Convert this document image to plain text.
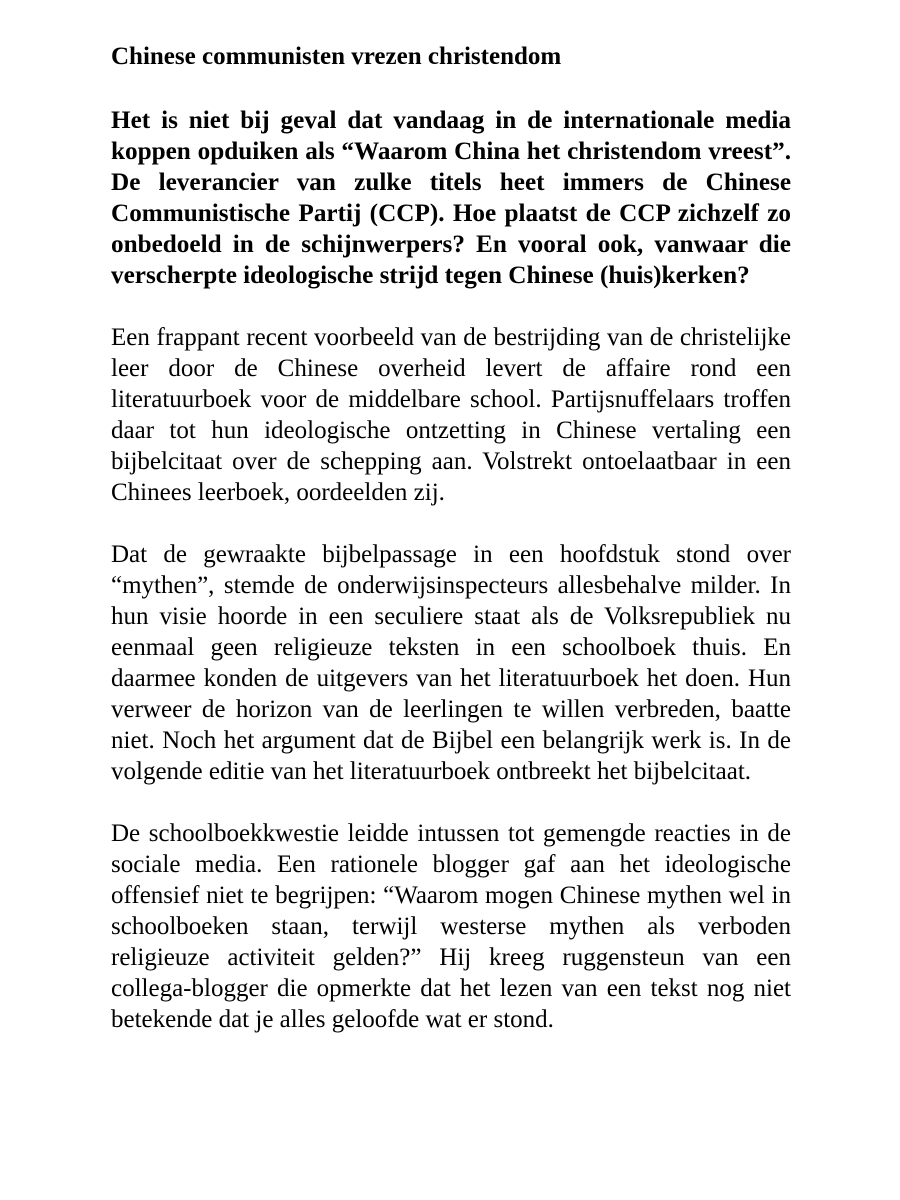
Chinese communisten vrezen christendom
Het is niet bij geval dat vandaag in de internationale media koppen opduiken als “Waarom China het christendom vreest”. De leverancier van zulke titels heet immers de Chinese Communistische Partij (CCP). Hoe plaatst de CCP zichzelf zo onbedoeld in de schijnwerpers? En vooral ook, vanwaar die verscherpte ideologische strijd tegen Chinese (huis)kerken?
Een frappant recent voorbeeld van de bestrijding van de christelijke leer door de Chinese overheid levert de affaire rond een literatuurboek voor de middelbare school. Partijsnuffelaars troffen daar tot hun ideologische ontzetting in Chinese vertaling een bijbelcitaat over de schepping aan. Volstrekt ontoelaatbaar in een Chinees leerboek, oordeelden zij.
Dat de gewraakte bijbelpassage in een hoofdstuk stond over “mythen”, stemde de onderwijsinspecteurs allesbehalve milder. In hun visie hoorde in een seculiere staat als de Volksrepubliek nu eenmaal geen religieuze teksten in een schoolboek thuis. En daarmee konden de uitgevers van het literatuurboek het doen. Hun verweer de horizon van de leerlingen te willen verbreden, baatte niet. Noch het argument dat de Bijbel een belangrijk werk is. In de volgende editie van het literatuurboek ontbreekt het bijbelcitaat.
De schoolboekkwestie leidde intussen tot gemengde reacties in de sociale media. Een rationele blogger gaf aan het ideologische offensief niet te begrijpen: “Waarom mogen Chinese mythen wel in schoolboeken staan, terwijl westerse mythen als verboden religieuze activiteit gelden?” Hij kreeg ruggensteun van een collega-blogger die opmerkte dat het lezen van een tekst nog niet betekende dat je alles geloofde wat er stond.
